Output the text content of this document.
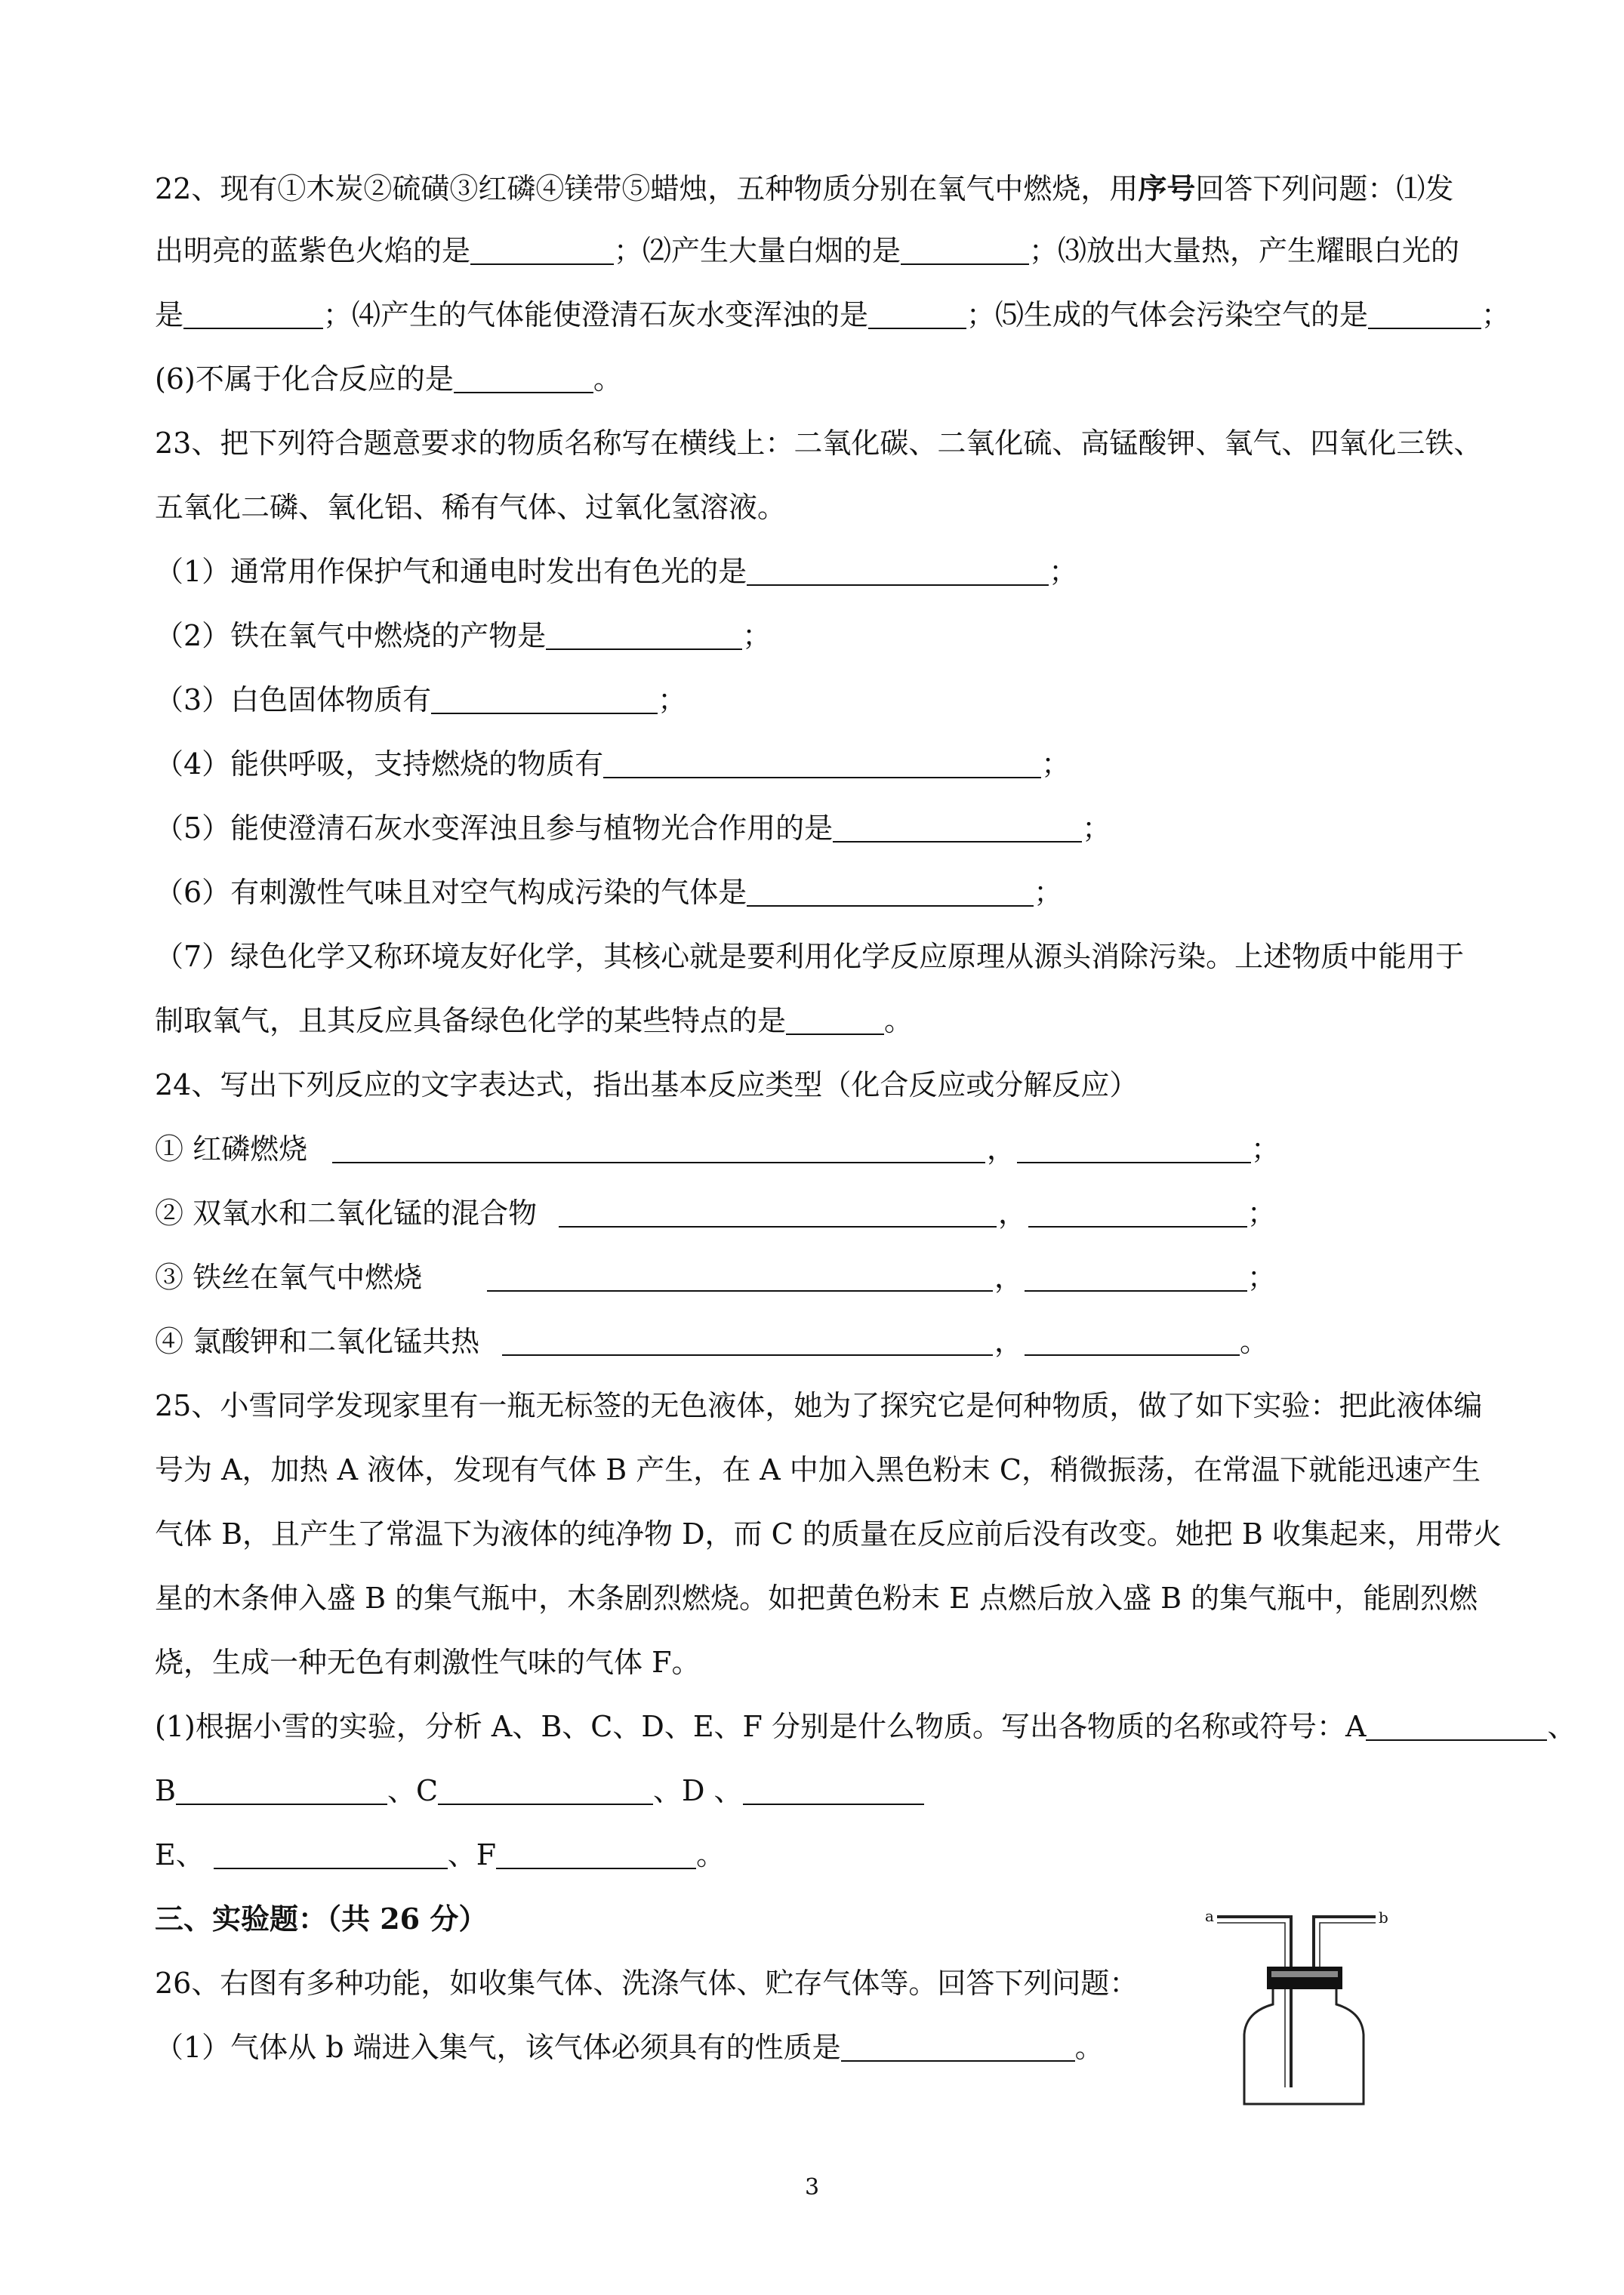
22、现有①木炭②硫磺③红磷④镁带⑤蜡烛，五种物质分别在氧气中燃烧，用序号回答下列问题：⑴发
出明亮的蓝紫色火焰的是	；⑵产生大量白烟的是	；⑶放出大量热，产生耀眼白光的
是	；⑷产生的气体能使澄清石灰水变浑浊的是	；⑸生成的气体会污染空气的是	；
(6)不属于化合反应的是	。
23、把下列符合题意要求的物质名称写在横线上：二氧化碳、二氧化硫、高锰酸钾、氧气、四氧化三铁、
五氧化二磷、氧化铝、稀有气体、过氧化氢溶液。
（1）通常用作保护气和通电时发出有色光的是	；
（2）铁在氧气中燃烧的产物是	；
（3）白色固体物质有	；
（4）能供呼吸，支持燃烧的物质有	；
（5）能使澄清石灰水变浑浊且参与植物光合作用的是	；
（6）有刺激性气味且对空气构成污染的气体是	；
（7）绿色化学又称环境友好化学，其核心就是要利用化学反应原理从源头消除污染。上述物质中能用于
制取氧气，且其反应具备绿色化学的某些特点的是	。
24、写出下列反应的文字表达式，指出基本反应类型（化合反应或分解反应）
① 红磷燃烧	，	；
② 双氧水和二氧化锰的混合物	，	；
③ 铁丝在氧气中燃烧	，	；
④ 氯酸钾和二氧化锰共热	，	。
25、小雪同学发现家里有一瓶无标签的无色液体，她为了探究它是何种物质，做了如下实验：把此液体编
号为 A，加热 A 液体，发现有气体 B 产生，在 A 中加入黑色粉末 C，稍微振荡，在常温下就能迅速产生
气体 B，且产生了常温下为液体的纯净物 D，而 C 的质量在反应前后没有改变。她把 B 收集起来，用带火
星的木条伸入盛 B 的集气瓶中，木条剧烈燃烧。如把黄色粉末 E 点燃后放入盛 B 的集气瓶中，能剧烈燃
烧，生成一种无色有刺激性气味的气体 F。
(1)根据小雪的实验，分析 A、B、C、D、E、F 分别是什么物质。写出各物质的名称或符号：A	、
B	、C	、D 、
E、	、F	。
三、实验题：（共 26 分）
26、右图有多种功能，如收集气体、洗涤气体、贮存气体等。回答下列问题：
（1）气体从 b 端进入集气，该气体必须具有的性质是	。
a	b
3
